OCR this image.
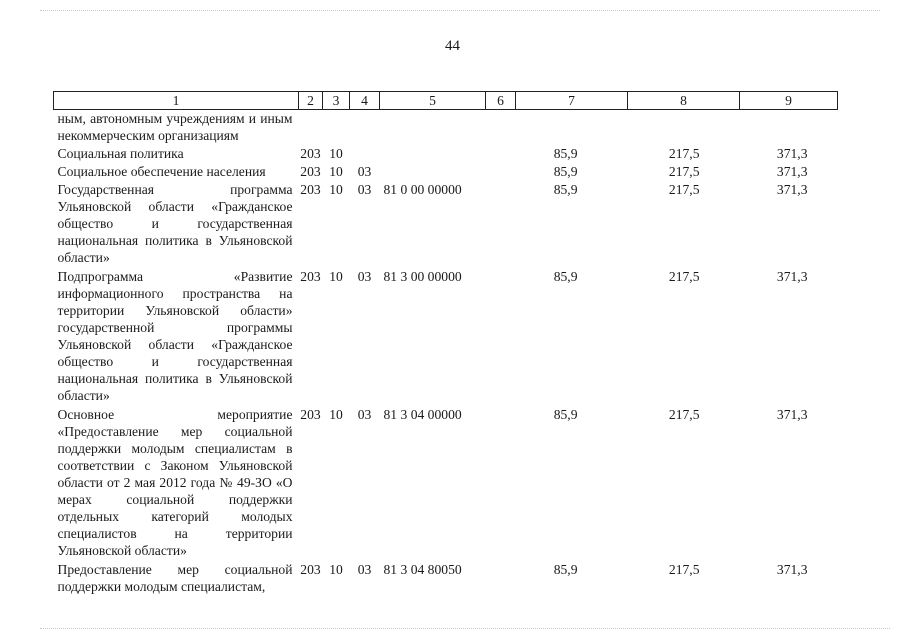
44
1	2	3	4	5	6	7	8	9
ным, автономным учреждениям и иным некоммерческим организациям								
Социальная политика	203	10				85,9	217,5	371,3
Социальное обеспечение населения	203	10	03			85,9	217,5	371,3
Государственная программа Ульяновской области «Гражданское общество и государственная национальная политика в Ульяновской области»	203	10	03	81 0 00 00000		85,9	217,5	371,3
Подпрограмма «Развитие информационного пространства на территории Ульяновской области» государственной программы Ульяновской области «Гражданское общество и государственная национальная политика в Ульяновской области»	203	10	03	81 3 00 00000		85,9	217,5	371,3
Основное мероприятие «Предоставление мер социальной поддержки молодым специалистам в соответствии с Законом Ульяновской области от 2 мая 2012 года № 49-ЗО «О мерах социальной поддержки отдельных категорий молодых специалистов на территории Ульяновской области»	203	10	03	81 3 04 00000		85,9	217,5	371,3
Предоставление мер социальной поддержки молодым специалистам,	203	10	03	81 3 04 80050		85,9	217,5	371,3
